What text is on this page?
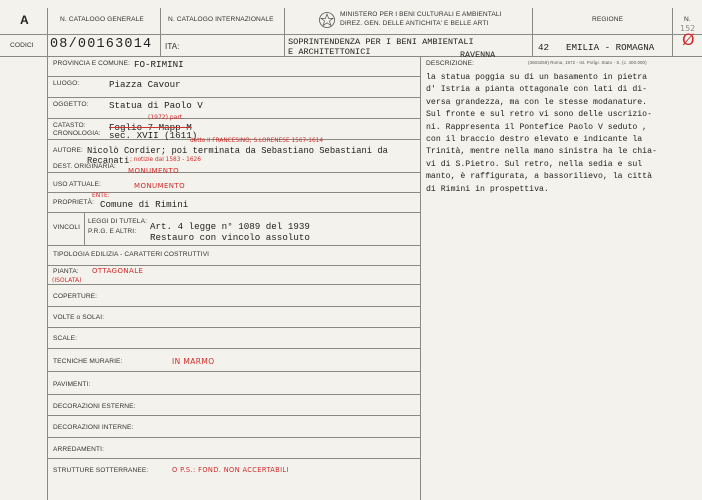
A	N. CATALOGO GENERALE	N. CATALOGO INTERNAZIONALE
MINISTERO PER I BENI CULTURALI E AMBIENTALI
DIREZ. GEN. DELLE ANTICHITA' E BELLE ARTI
REGIONE	N.
152
Ø
CODICI 08/00163014 ITA:	SOPRINTENDENZA PER I BENI AMBIENTALI
E ARCHITETTONICI	RAVENNA
42 EMILIA - ROMAGNA
PROVINCIA E COMUNE: FO-RIMINI
LUOGO:	Piazza Cavour
OGGETTO: Statua di Paolo V
CATASTO:
(1972) part.
Foglio 7 Mapp-M
CRONOLOGIA: sec. XVII (1611)
AUTORE:
detto il FRANCESINO; S.LORENESE 1567-1614
Nicolò Cordier; poi terminata da Sebastiano Sebastiani da
Recanati ; notizie dal 1583 - 1626
DEST. ORIGINARIA:
MONUMENTO
USO ATTUALE:	MONUMENTO
PROPRIETÀ:
ENTE:
Comune di Rimini
VINCOLI
LEGGI DI TUTELA:
P.R.G. E ALTRI: Art. 4 legge n° 1089 del 1939
Restauro con vincolo assoluto
TIPOLOGIA EDILIZIA - CARATTERI COSTRUTTIVI
PIANTA: OTTAGONALE
(ISOLATA)
COPERTURE:
VOLTE o SOLAI:
SCALE:
TECNICHE MURARIE:	IN MARMO
PAVIMENTI:
DECORAZIONI ESTERNE:
DECORAZIONI INTERNE:
ARREDAMENTI:
STRUTTURE SOTTERRANEE:	O P.S.: FOND. NON ACCERTABILI
DESCRIZIONE:	(3603259) Roma, 1972 - Ist. Polígr. Stato - S. (c. 400.000)
la statua poggia su di un basamento in pietra
d' Istria a pianta ottagonale con lati di di-
versa grandezza, ma con le stesse modanature.
Sul fronte e sul retro vi sono delle uscrizio-
ni. Rappresenta il Pontefice Paolo V seduto ,
con il braccio destro elevato e indicante la
Trinità, mentre nella mano sinistra ha le chia-
vi di S.Pietro. Sul retro, nella sedia e sul
manto, è raffigurata, a bassorilievo, la città
di Rimini in prospettiva.
